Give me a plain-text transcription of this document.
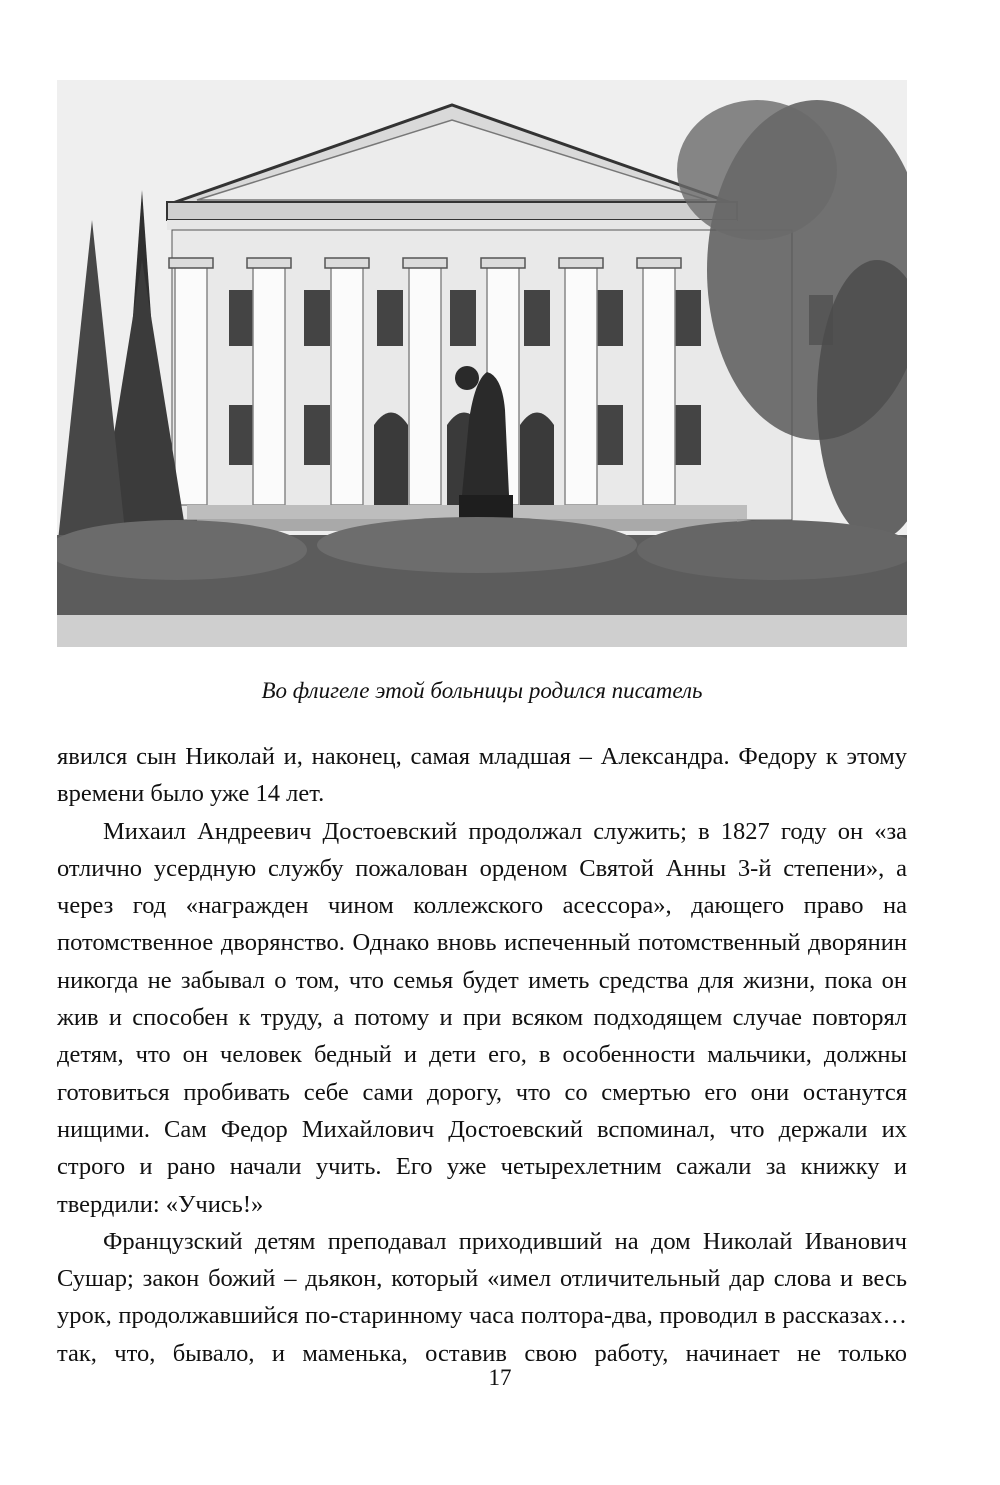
Во флигеле этой больницы родился писатель

явился сын Николай и, наконец, самая младшая – Александра. Федору к этому времени было уже 14 лет.

Михаил Андреевич Достоевский продолжал служить; в 1827 году он «за отлично усердную службу пожалован орденом Святой Анны 3-й степени», а через год «награжден чином коллежского асессора», дающего право на потомственное дворянство. Однако вновь испеченный потомственный дворянин никогда не забывал о том, что семья будет иметь средства для жизни, пока он жив и способен к труду, а потому и при всяком подходящем случае повторял детям, что он человек бедный и дети его, в особенности мальчики, должны готовиться пробивать себе сами дорогу, что со смертью его они останутся нищими. Сам Федор Михайлович Достоевский вспоминал, что держали их строго и рано начали учить. Его уже четырехлетним сажали за книжку и твердили: «Учись!»

Французский детям преподавал приходивший на дом Николай Иванович Сушар; закон божий – дьякон, который «имел отличительный дар слова и весь урок, продолжавшийся по-старинному часа полтора-два, проводил в рассказах… так, что, бывало, и маменька, оставив свою работу, начинает не только

17
